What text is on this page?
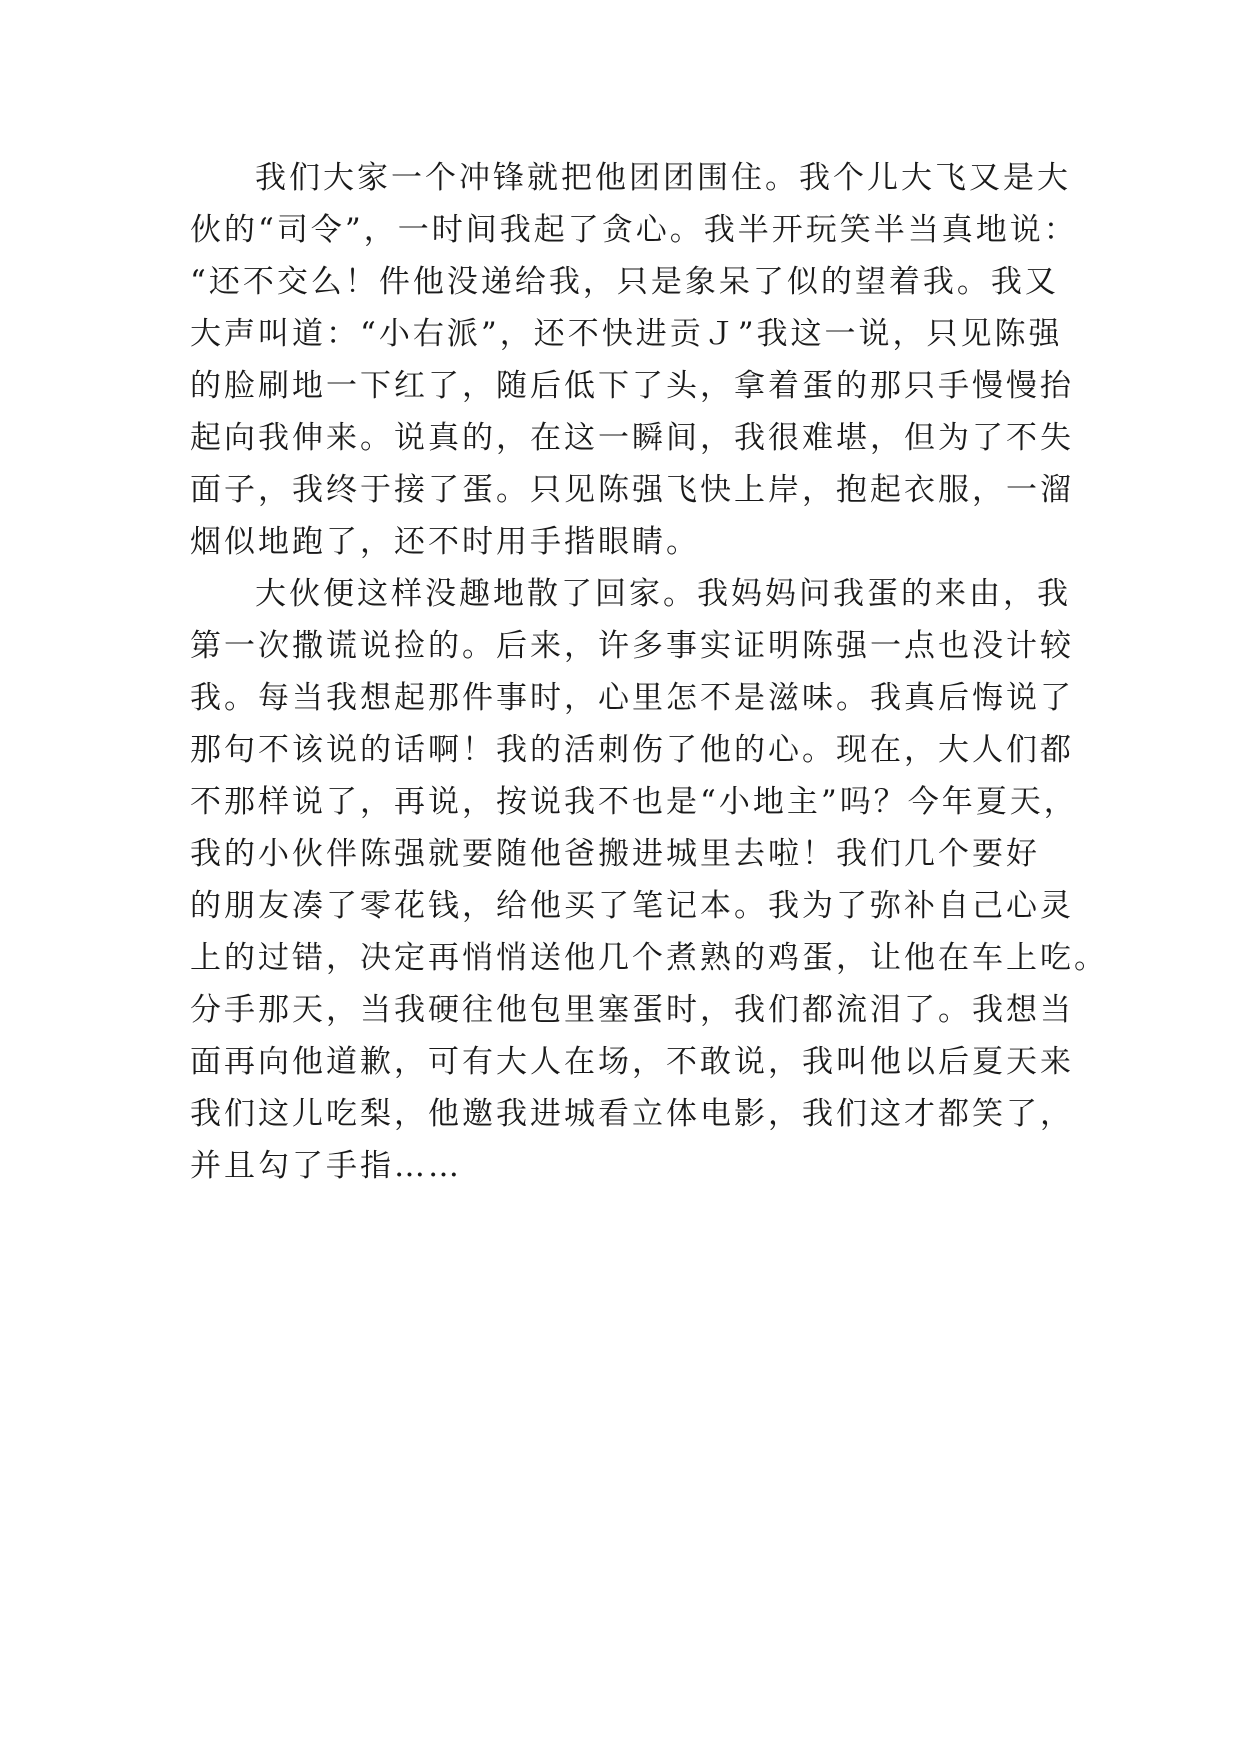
我们大家一个冲锋就把他团团围住。我个儿大飞又是大
伙的“司令”，一时间我起了贪心。我半开玩笑半当真地说：
“还不交么！件他没递给我，只是象呆了似的望着我。我又
大声叫道：“小右派”，还不快进贡Ｊ”我这一说，只见陈强
的脸刷地一下红了，随后低下了头，拿着蛋的那只手慢慢抬
起向我伸来。说真的，在这一瞬间，我很难堪，但为了不失
面子，我终于接了蛋。只见陈强飞快上岸，抱起衣服，一溜
烟似地跑了，还不时用手揩眼睛。
大伙便这样没趣地散了回家。我妈妈问我蛋的来由，我
第一次撒谎说捡的。后来，许多事实证明陈强一点也没计较
我。每当我想起那件事时，心里怎不是滋味。我真后悔说了
那句不该说的话啊！我的活刺伤了他的心。现在，大人们都
不那样说了，再说，按说我不也是“小地主”吗？今年夏天，
我的小伙伴陈强就要随他爸搬进城里去啦！我们几个要好
的朋友凑了零花钱，给他买了笔记本。我为了弥补自己心灵
上的过错，决定再悄悄送他几个煮熟的鸡蛋，让他在车上吃。
分手那天，当我硬往他包里塞蛋时，我们都流泪了。我想当
面再向他道歉，可有大人在场，不敢说，我叫他以后夏天来
我们这儿吃梨，他邀我进城看立体电影，我们这才都笑了，
并且勾了手指……
